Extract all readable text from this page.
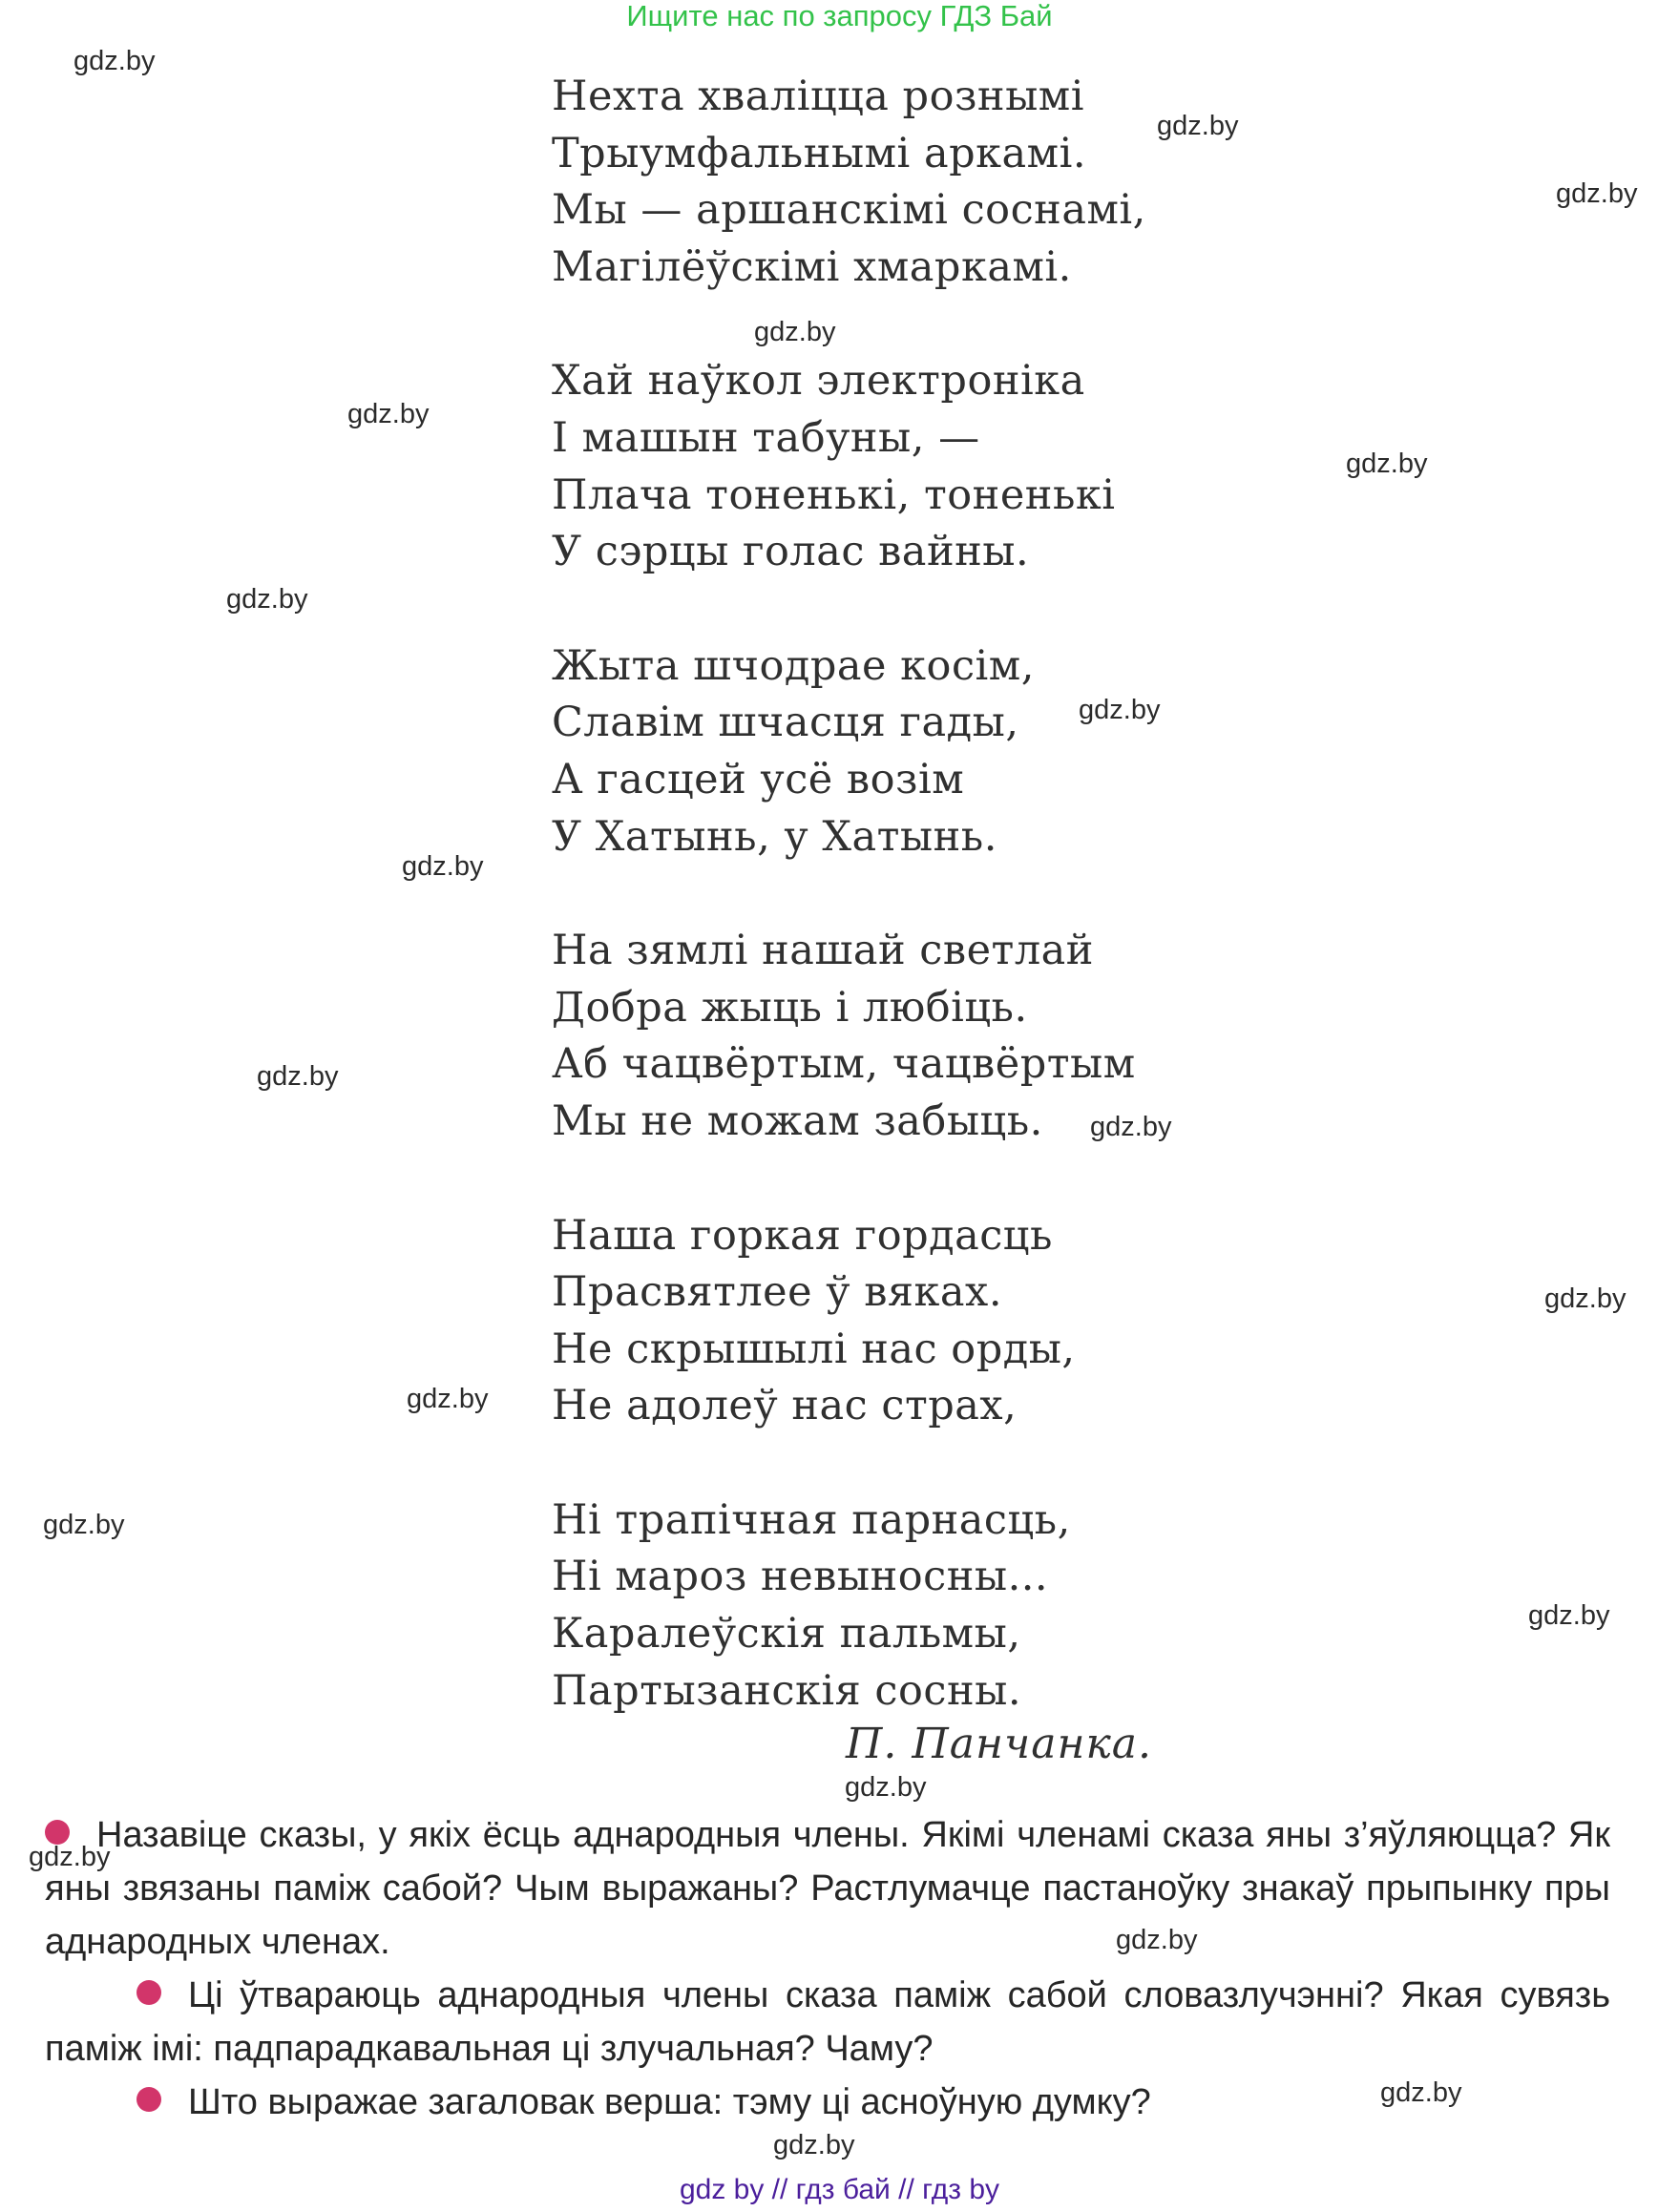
Ищите нас по запросу ГДЗ Бай
Нехта хваліцца рознымі
Трыумфальнымі аркамі.
Мы — аршанскімі соснамі,
Магілёўскімі хмаркамі.
Хай наўкол электроніка
І машын табуны, —
Плача тоненькі, тоненькі
У сэрцы голас вайны.
Жыта шчодрае косім,
Славім шчасця гады,
А гасцей усё возім
У Хатынь, у Хатынь.
На зямлі нашай светлай
Добра жыць і любіць.
Аб чацвёртым, чацвёртым
Мы не можам забыць.
Наша горкая гордасць
Прасвятлее ў вяках.
Не скрышылі нас орды,
Не адолеў нас страх,
Ні трапічная парнасць,
Ні мароз невыносны...
Каралеўскія пальмы,
Партызанскія сосны.
П. Панчанка.

Назавіце сказы, у якіх ёсць аднародныя члены. Якімі членамі сказа яны з’яўляюцца? Як яны звязаны паміж сабой? Чым выражаны? Растлумачце пастаноўку знакаў прыпынку пры аднародных членах.

Ці ўтвараюць аднародныя члены сказа паміж сабой словазлучэнні? Якая сувязь паміж імі: падпарадкавальная ці злучальная? Чаму?

Што выражае загаловак верша: тэму ці асноўную думку?

gdz.by
gdz.by
gdz.by
gdz.by
gdz.by
gdz.by
gdz.by
gdz.by
gdz.by
gdz.by
gdz.by
gdz.by
gdz.by
gdz.by
gdz.by
gdz.by
gdz.by
gdz.by
gdz.by
gdz.by
gdz by // гдз бай // гдз by
